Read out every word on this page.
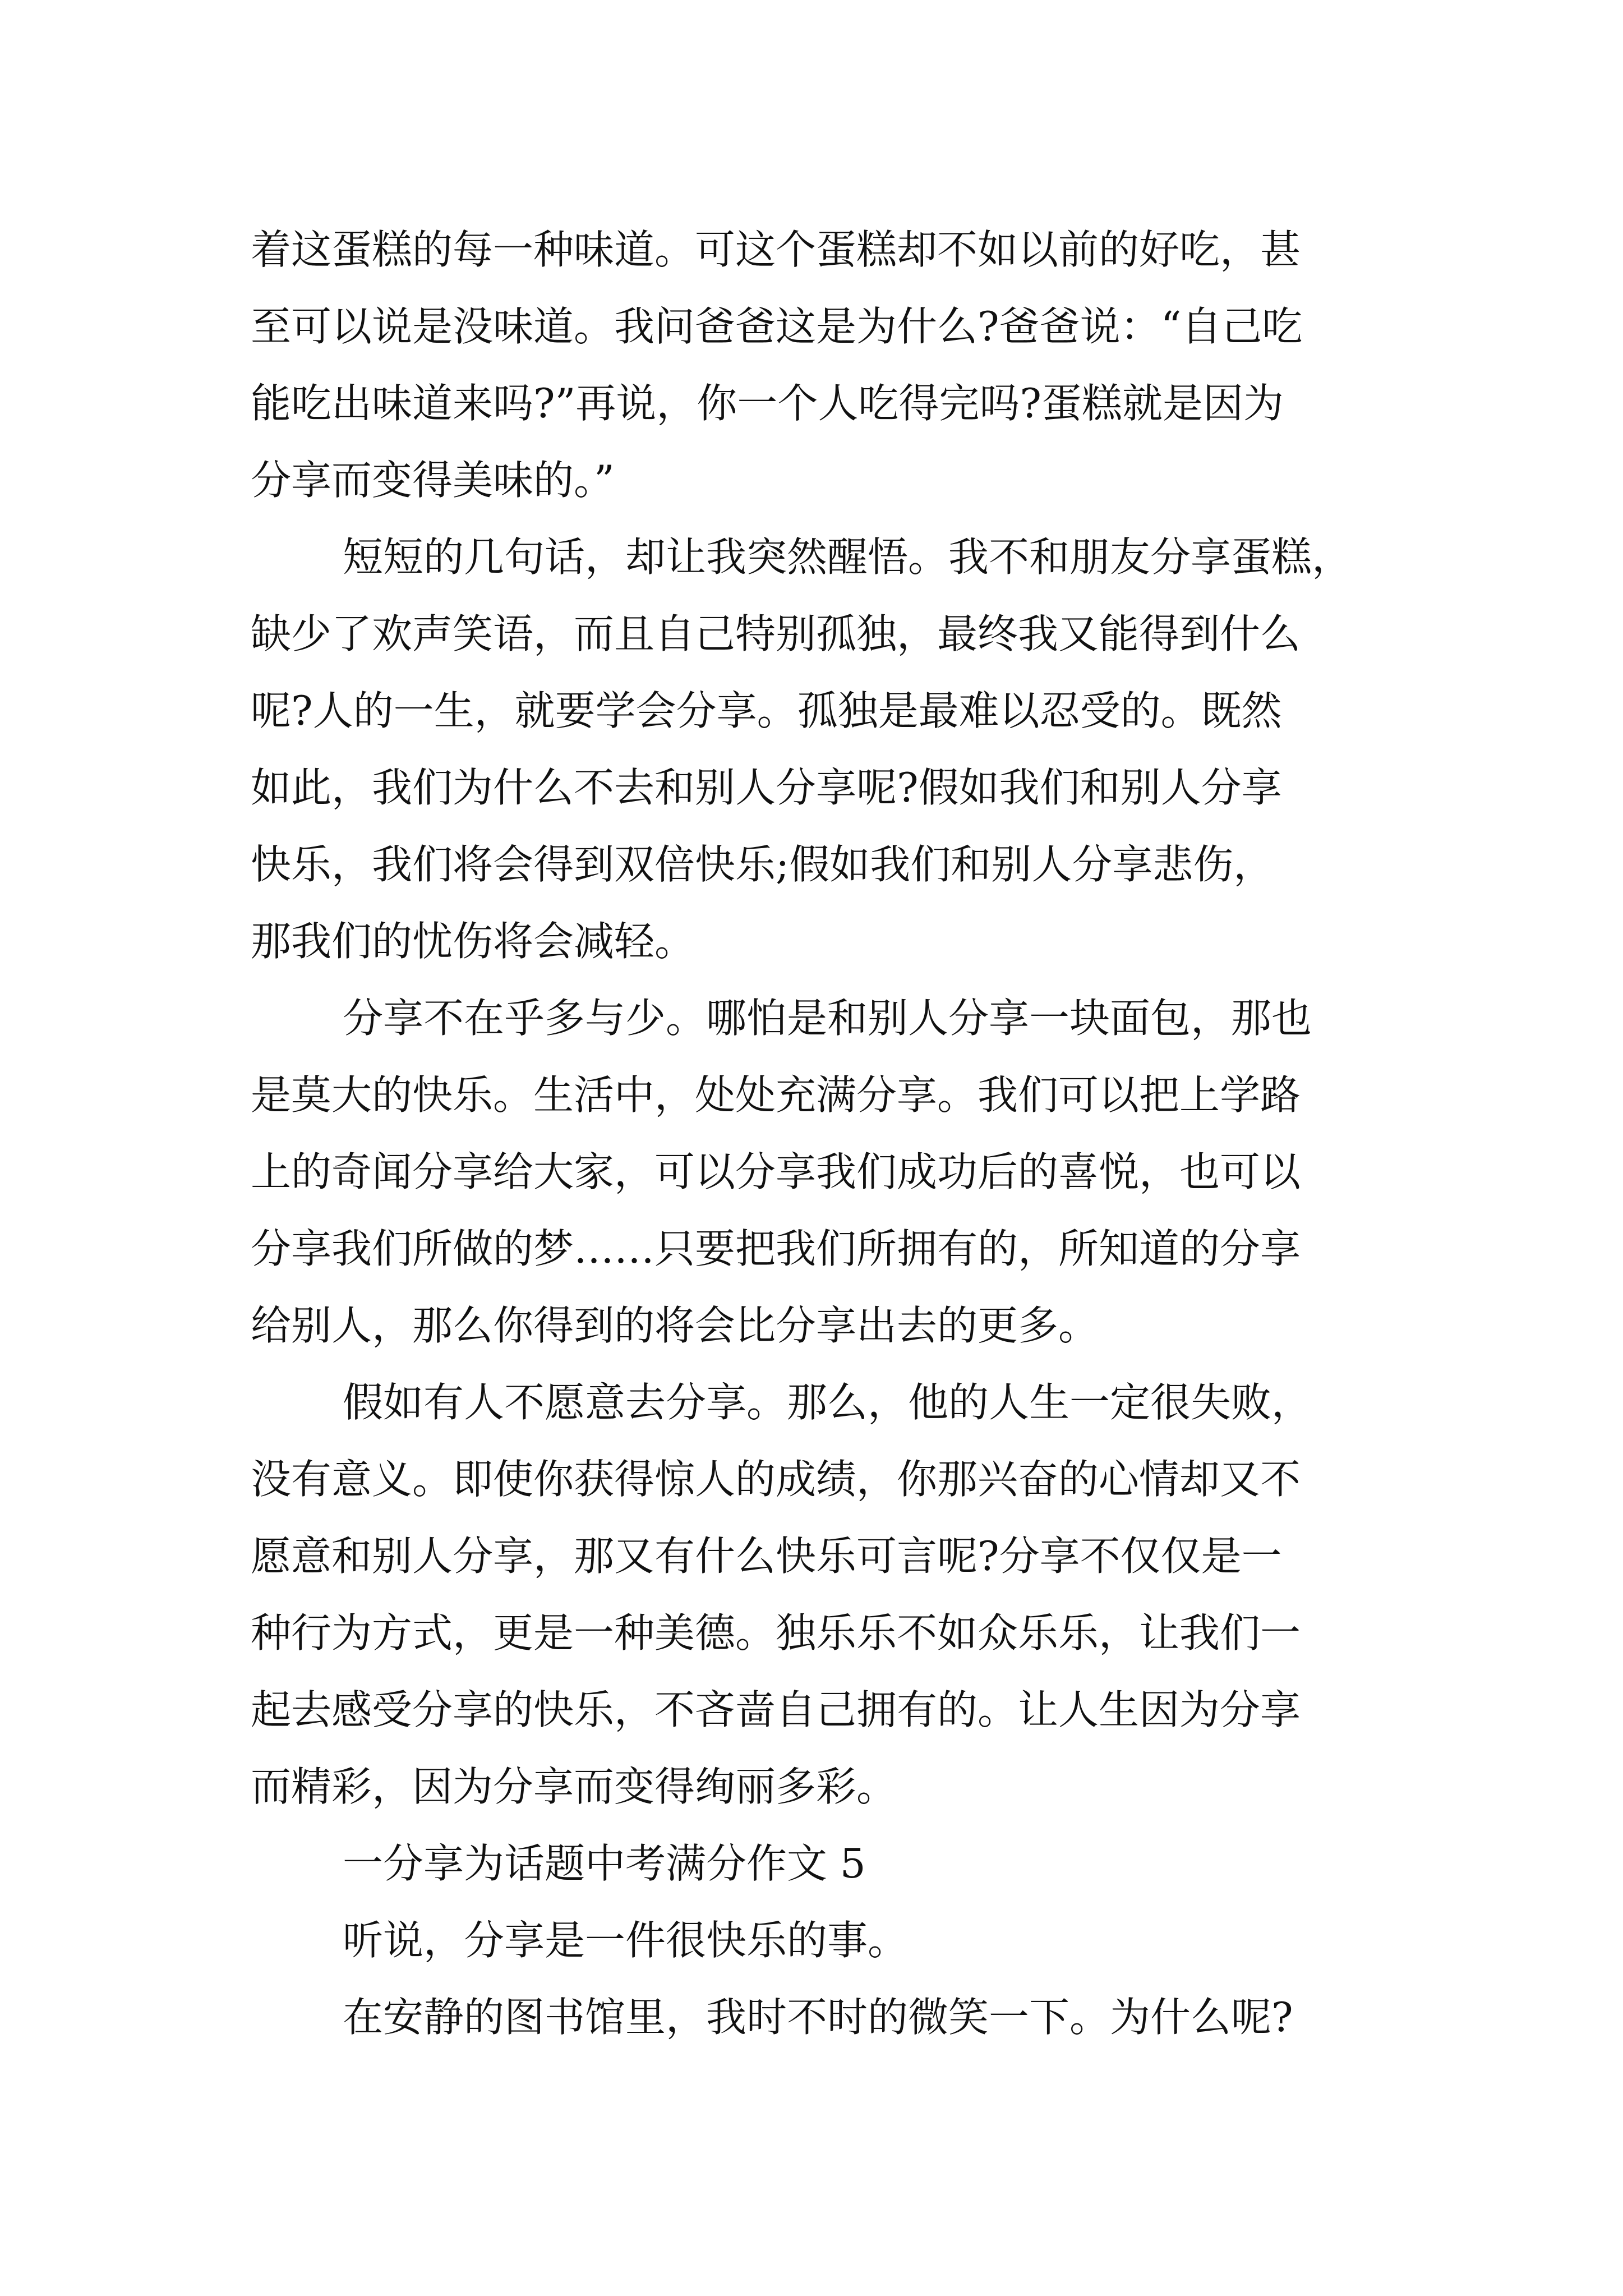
着这蛋糕的每一种味道。可这个蛋糕却不如以前的好吃，甚
至可以说是没味道。我问爸爸这是为什么?爸爸说：“自己吃
能吃出味道来吗?”再说，你一个人吃得完吗?蛋糕就是因为
分享而变得美味的。”
短短的几句话，却让我突然醒悟。我不和朋友分享蛋糕，
缺少了欢声笑语，而且自己特别孤独，最终我又能得到什么
呢?人的一生，就要学会分享。孤独是最难以忍受的。既然
如此，我们为什么不去和别人分享呢?假如我们和别人分享
快乐，我们将会得到双倍快乐;假如我们和别人分享悲伤，
那我们的忧伤将会减轻。
分享不在乎多与少。哪怕是和别人分享一块面包，那也
是莫大的快乐。生活中，处处充满分享。我们可以把上学路
上的奇闻分享给大家，可以分享我们成功后的喜悦，也可以
分享我们所做的梦……只要把我们所拥有的，所知道的分享
给别人，那么你得到的将会比分享出去的更多。
假如有人不愿意去分享。那么，他的人生一定很失败，
没有意义。即使你获得惊人的成绩，你那兴奋的心情却又不
愿意和别人分享，那又有什么快乐可言呢?分享不仅仅是一
种行为方式，更是一种美德。独乐乐不如众乐乐，让我们一
起去感受分享的快乐，不吝啬自己拥有的。让人生因为分享
而精彩，因为分享而变得绚丽多彩。
一分享为话题中考满分作文 5
听说，分享是一件很快乐的事。
在安静的图书馆里，我时不时的微笑一下。为什么呢?
